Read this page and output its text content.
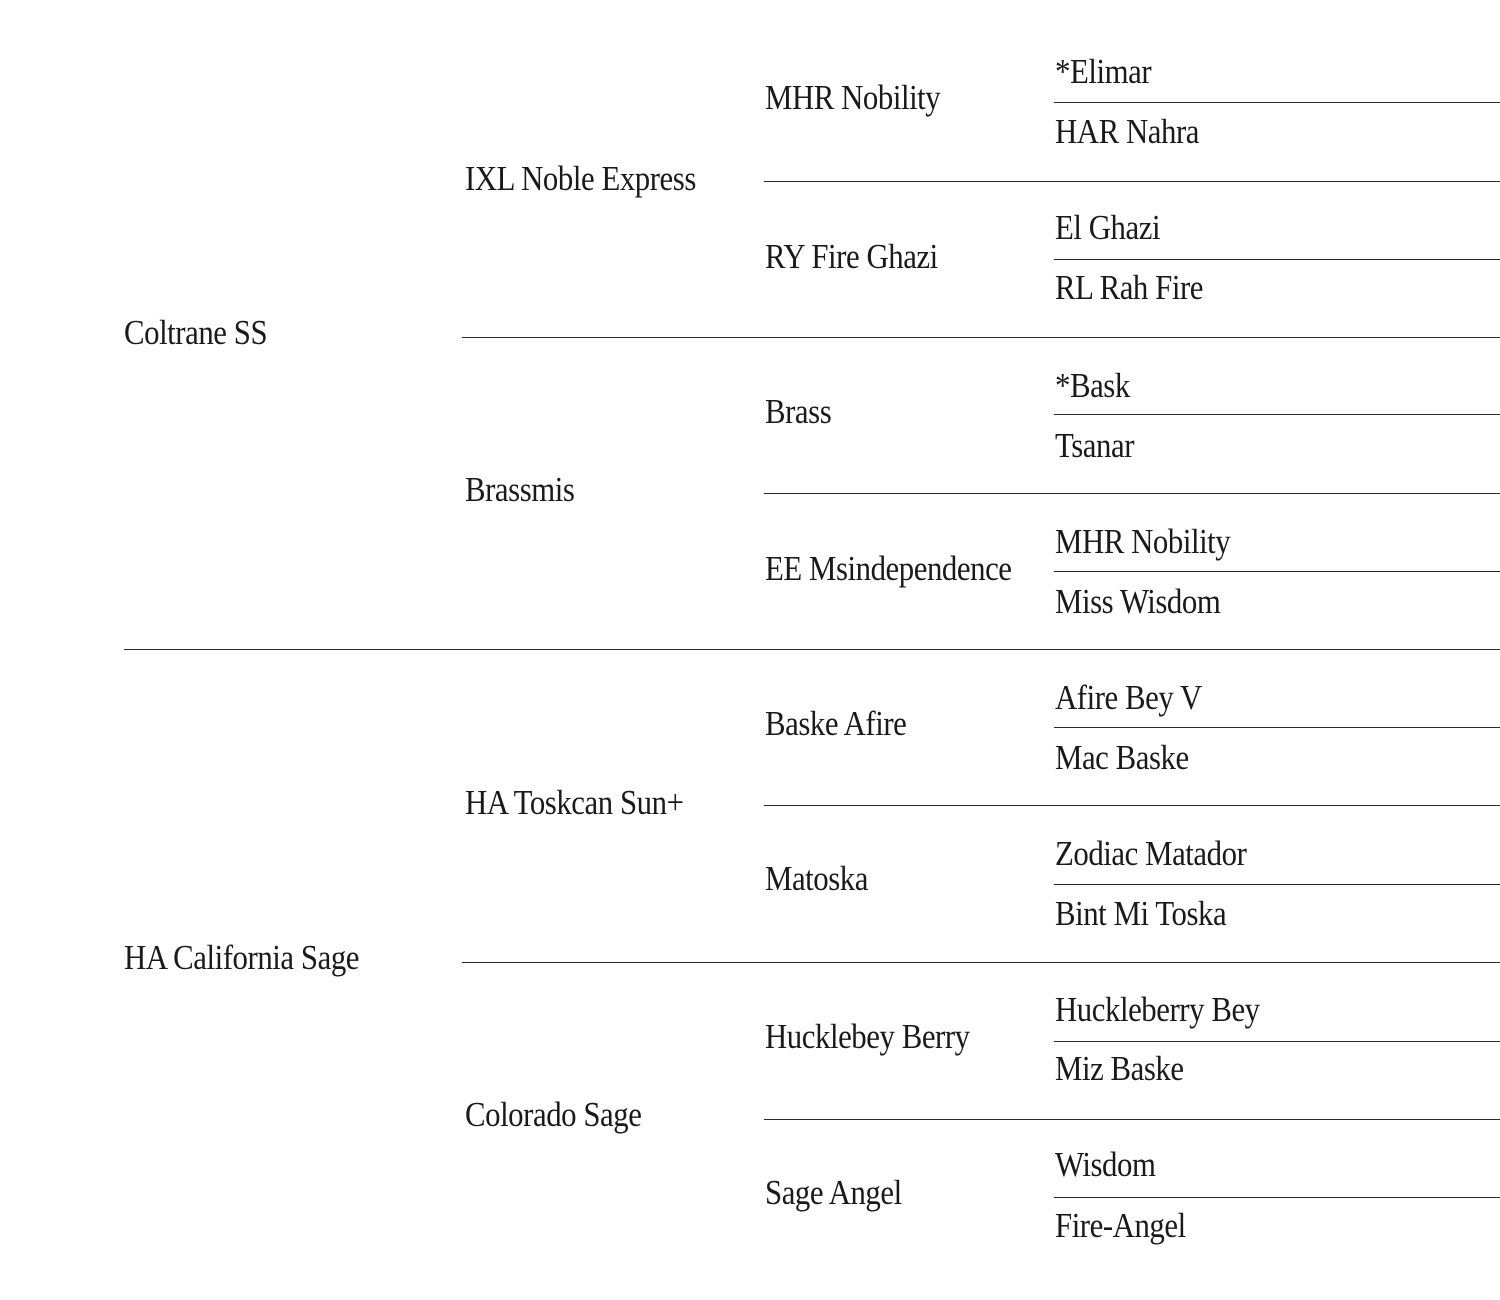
Coltrane SS
HA California Sage
IXL Noble Express
Brassmis
HA Toskcan Sun+
Colorado Sage
MHR Nobility
RY Fire Ghazi
Brass
EE Msindependence
Baske Afire
Matoska
Hucklebey Berry
Sage Angel
*Elimar
HAR Nahra
El Ghazi
RL Rah Fire
*Bask
Tsanar
MHR Nobility
Miss Wisdom
Afire Bey V
Mac Baske
Zodiac Matador
Bint Mi Toska
Huckleberry Bey
Miz Baske
Wisdom
Fire-Angel
